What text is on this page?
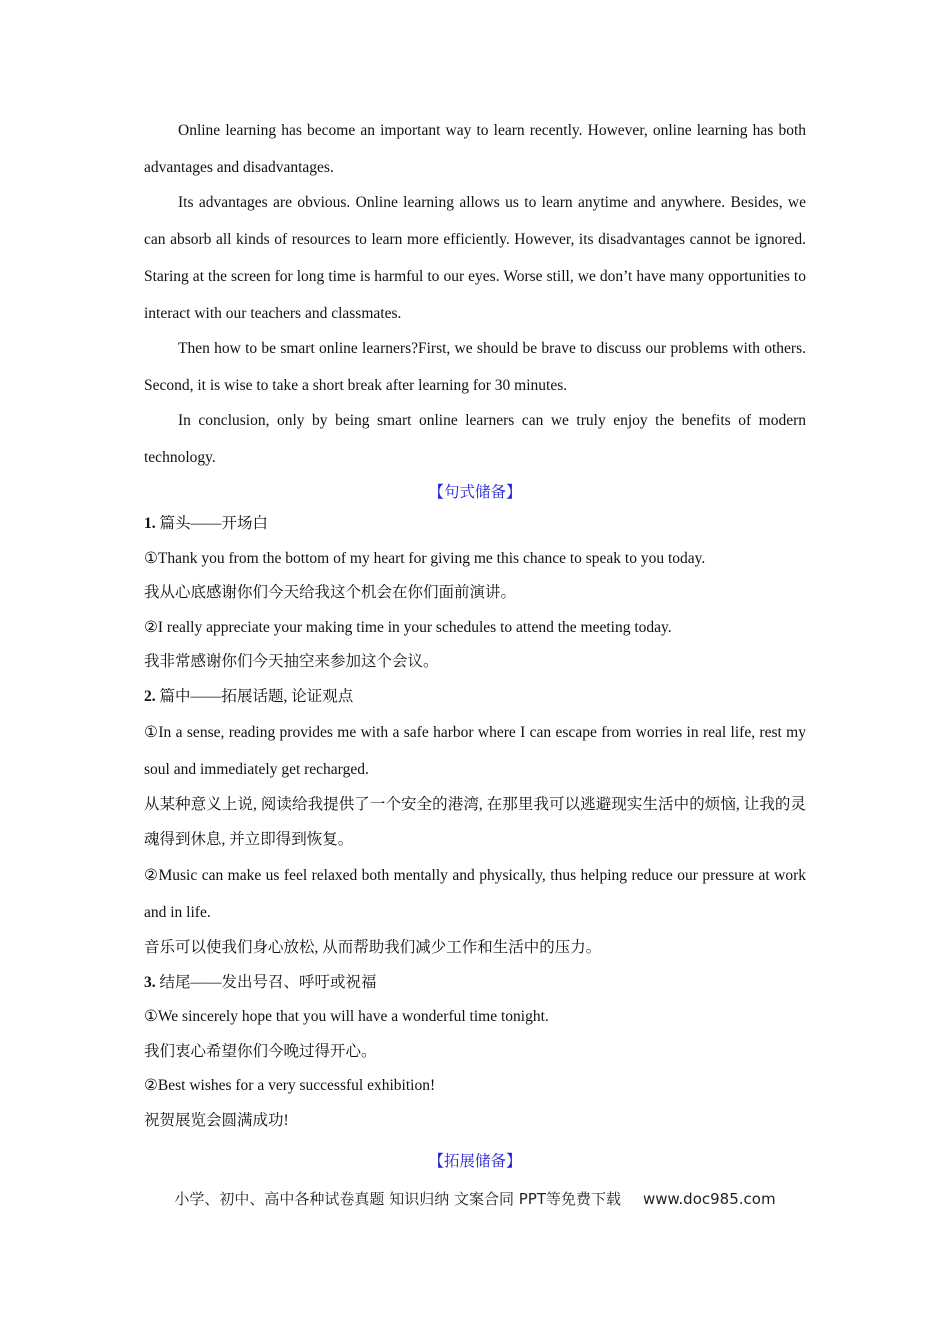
Online learning has become an important way to learn recently. However, online learning has both advantages and disadvantages.

Its advantages are obvious. Online learning allows us to learn anytime and anywhere. Besides, we can absorb all kinds of resources to learn more efficiently. However, its disadvantages cannot be ignored. Staring at the screen for long time is harmful to our eyes. Worse still, we don’t have many opportunities to interact with our teachers and classmates.

Then how to be smart online learners?First, we should be brave to discuss our problems with others. Second, it is wise to take a short break after learning for 30 minutes.

In conclusion, only by being smart online learners can we truly enjoy the benefits of modern technology.

【句式储备】

1. 篇头——开场白

①Thank you from the bottom of my heart for giving me this chance to speak to you today.

我从心底感谢你们今天给我这个机会在你们面前演讲。

②I really appreciate your making time in your schedules to attend the meeting today.

我非常感谢你们今天抽空来参加这个会议。

2. 篇中——拓展话题, 论证观点

①In a sense, reading provides me with a safe harbor where I can escape from worries in real life, rest my soul and immediately get recharged.

从某种意义上说, 阅读给我提供了一个安全的港湾, 在那里我可以逃避现实生活中的烦恼, 让我的灵魂得到休息, 并立即得到恢复。

②Music can make us feel relaxed both mentally and physically, thus helping reduce our pressure at work and in life.

音乐可以使我们身心放松, 从而帮助我们减少工作和生活中的压力。

3. 结尾——发出号召、呼吁或祝福

①We sincerely hope that you will have a wonderful time tonight.

我们衷心希望你们今晚过得开心。

②Best wishes for a very successful exhibition!

祝贺展览会圆满成功!

【拓展储备】
小学、初中、高中各种试卷真题 知识归纳 文案合同 PPT等免费下载 www.doc985.com
